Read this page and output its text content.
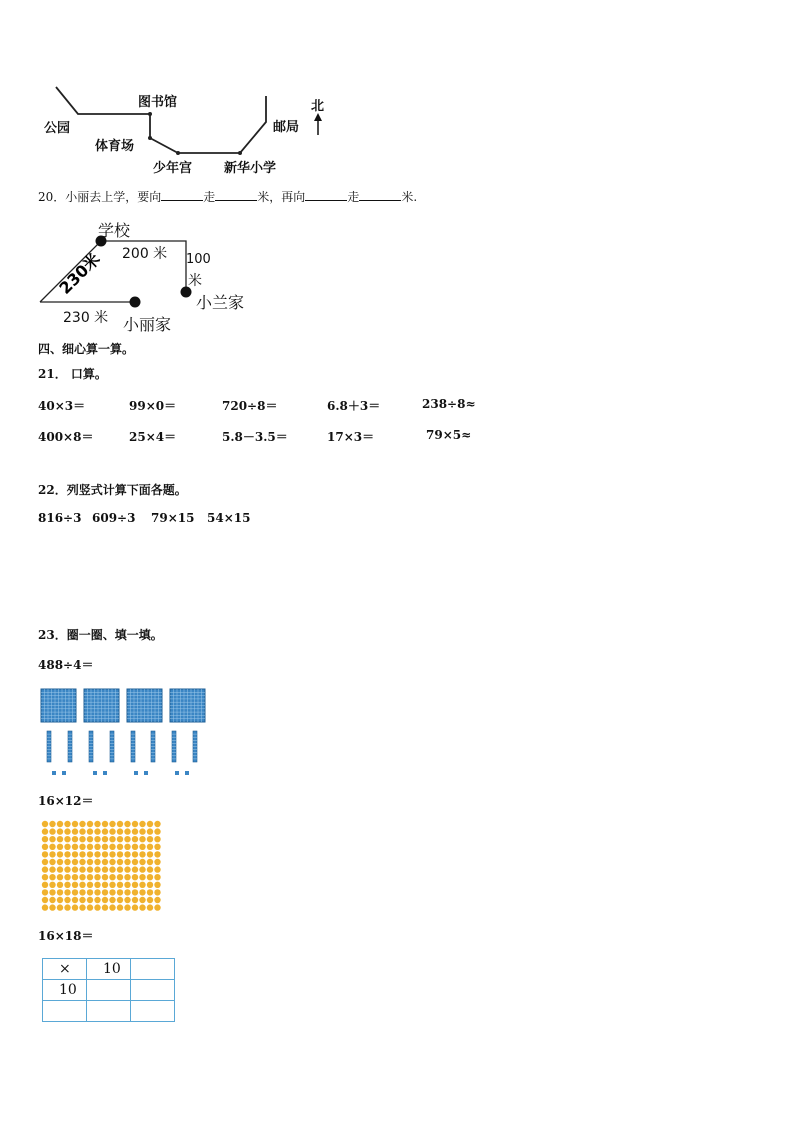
图书馆
公园
体育场
少年宫 新华小学
邮局
北
20．小丽去上学，要向	走	米，再向	走	米.
230米
学校
200 米 100
米
小兰家
230 米 小丽家
四、细心算一算。
21． 口算。
40×3＝	99×0＝	720÷8＝	6.8＋3＝	238÷8≈
400×8＝	25×4＝	5.8－3.5＝	17×3＝	79×5≈
22．列竖式计算下面各题。
816÷3 609÷3 79×15 54×15
23．圈一圈、填一填。
488÷4＝
16×12＝
16×18＝
×	10	
10		
